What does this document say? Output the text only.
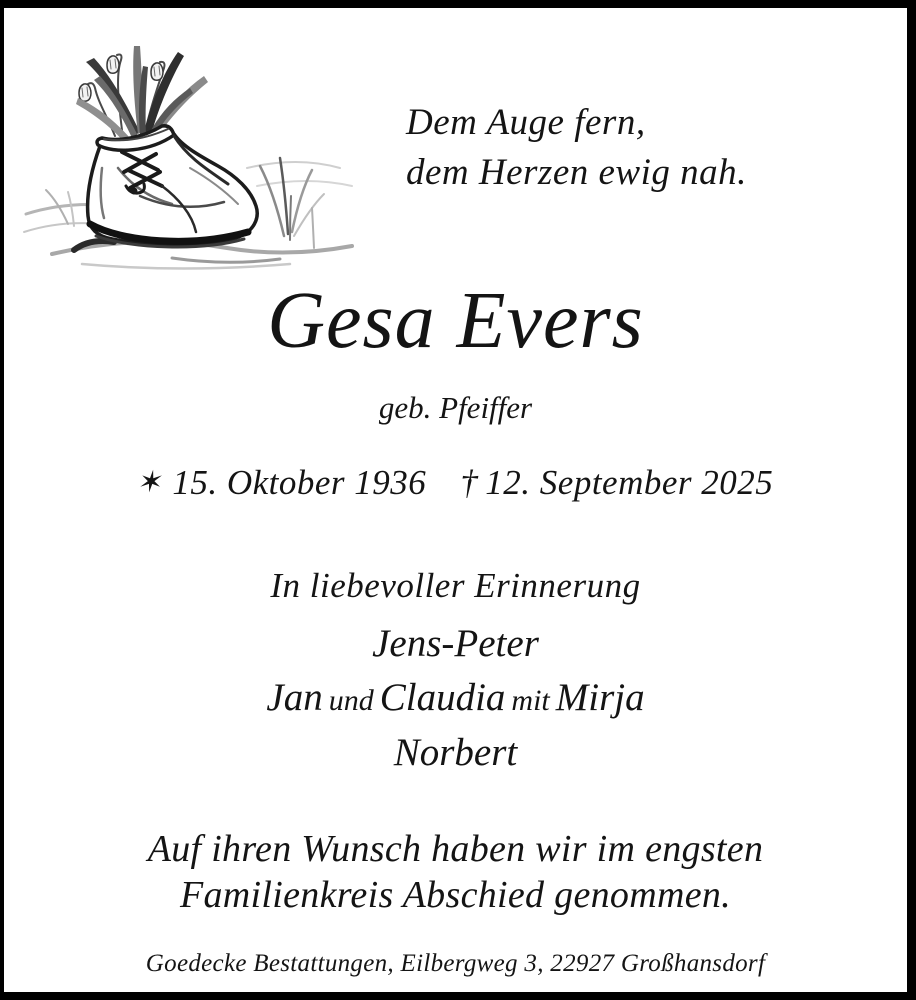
Dem Auge fern,
dem Herzen ewig nah.
Gesa Evers
geb. Pfeiffer
✶ 15. Oktober 1936 † 12. September 2025
In liebevoller Erinnerung
Jens-Peter
Jan und Claudia mit Mirja
Norbert
Auf ihren Wunsch haben wir im engsten
Familienkreis Abschied genommen.
Goedecke Bestattungen, Eilbergweg 3, 22927 Großhansdorf
